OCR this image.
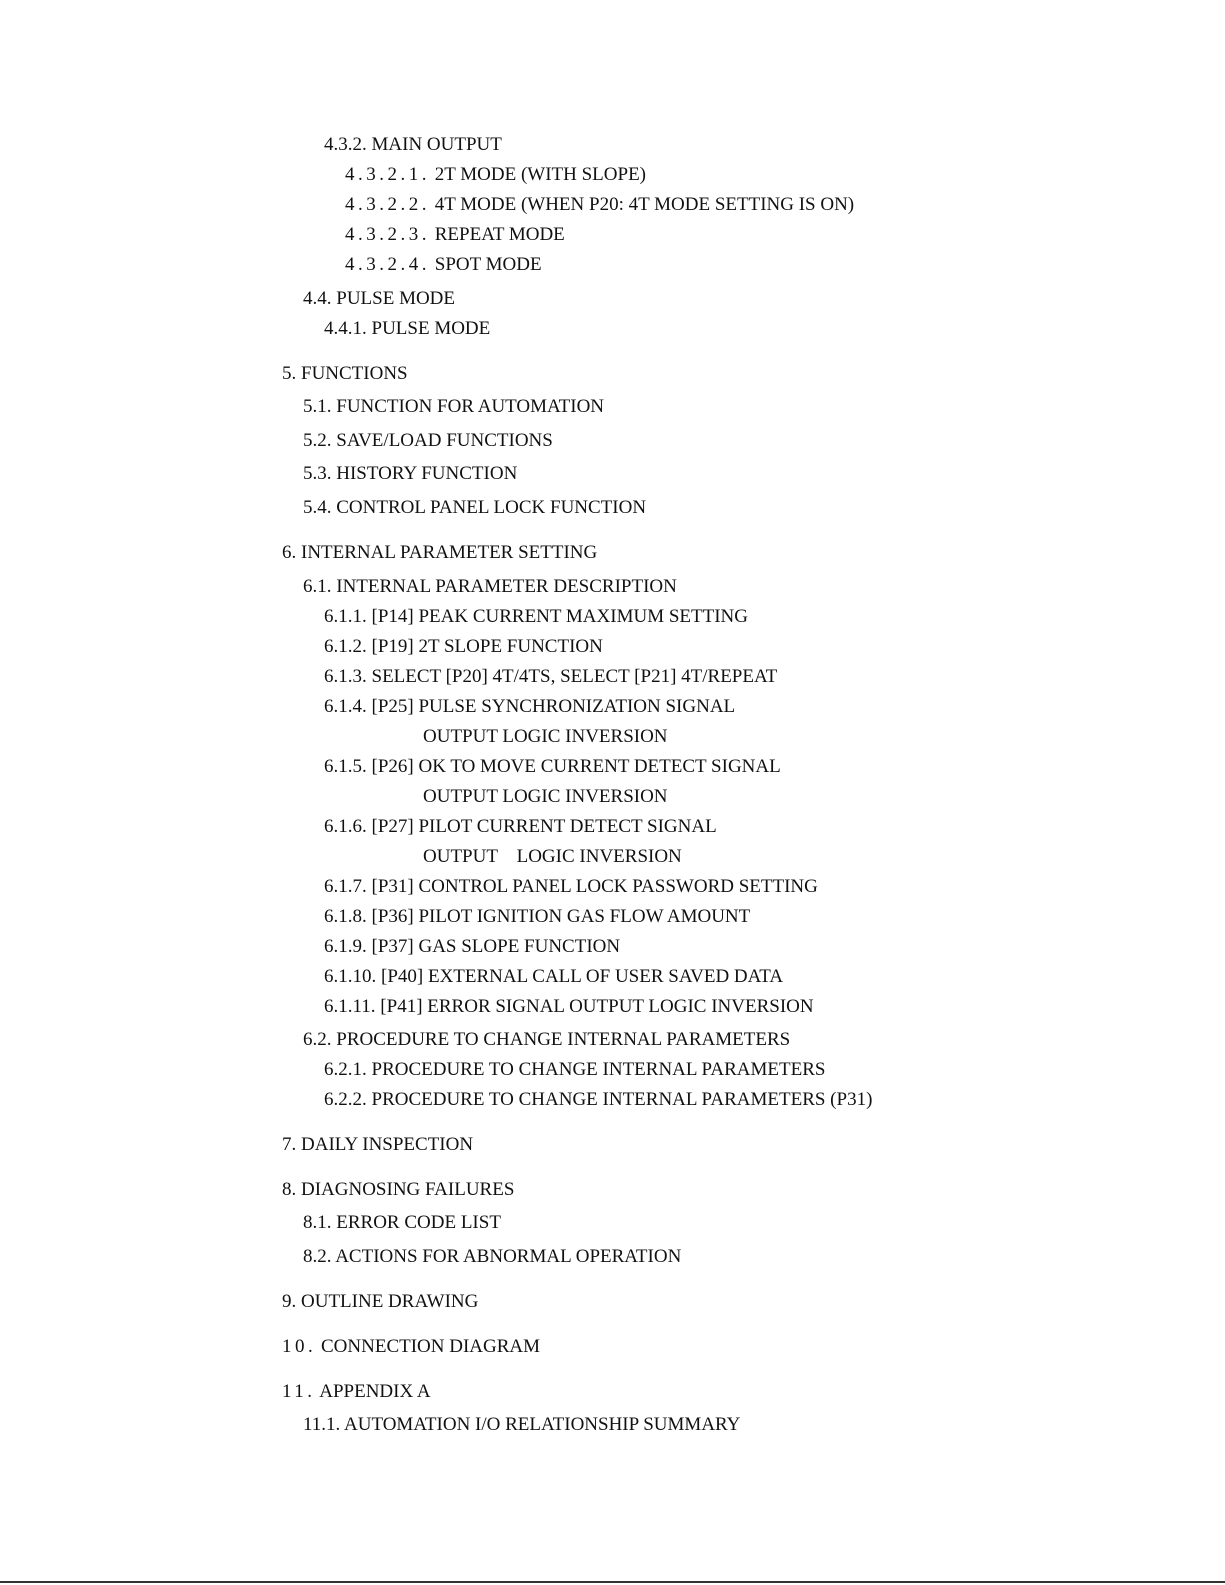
4.3.2. MAIN OUTPUT
4.3.2.1. 2T MODE (WITH SLOPE)
4.3.2.2. 4T MODE (WHEN P20: 4T MODE SETTING IS ON)
4.3.2.3. REPEAT MODE
4.3.2.4. SPOT MODE
4.4. PULSE MODE
4.4.1. PULSE MODE
5. FUNCTIONS
5.1. FUNCTION FOR AUTOMATION
5.2. SAVE/LOAD FUNCTIONS
5.3. HISTORY FUNCTION
5.4. CONTROL PANEL LOCK FUNCTION
6. INTERNAL PARAMETER SETTING
6.1. INTERNAL PARAMETER DESCRIPTION
6.1.1. [P14] PEAK CURRENT MAXIMUM SETTING
6.1.2. [P19] 2T SLOPE FUNCTION
6.1.3. SELECT [P20] 4T/4TS, SELECT [P21] 4T/REPEAT
6.1.4. [P25] PULSE SYNCHRONIZATION SIGNAL
OUTPUT LOGIC INVERSION
6.1.5. [P26] OK TO MOVE CURRENT DETECT SIGNAL
OUTPUT LOGIC INVERSION
6.1.6. [P27] PILOT CURRENT DETECT SIGNAL
OUTPUT    LOGIC INVERSION
6.1.7. [P31] CONTROL PANEL LOCK PASSWORD SETTING
6.1.8. [P36] PILOT IGNITION GAS FLOW AMOUNT
6.1.9. [P37] GAS SLOPE FUNCTION
6.1.10. [P40] EXTERNAL CALL OF USER SAVED DATA
6.1.11. [P41] ERROR SIGNAL OUTPUT LOGIC INVERSION
6.2. PROCEDURE TO CHANGE INTERNAL PARAMETERS
6.2.1. PROCEDURE TO CHANGE INTERNAL PARAMETERS
6.2.2. PROCEDURE TO CHANGE INTERNAL PARAMETERS (P31)
7. DAILY INSPECTION
8. DIAGNOSING FAILURES
8.1. ERROR CODE LIST
8.2. ACTIONS FOR ABNORMAL OPERATION
9. OUTLINE DRAWING
10. CONNECTION DIAGRAM
11. APPENDIX A
11.1. AUTOMATION I/O RELATIONSHIP SUMMARY
